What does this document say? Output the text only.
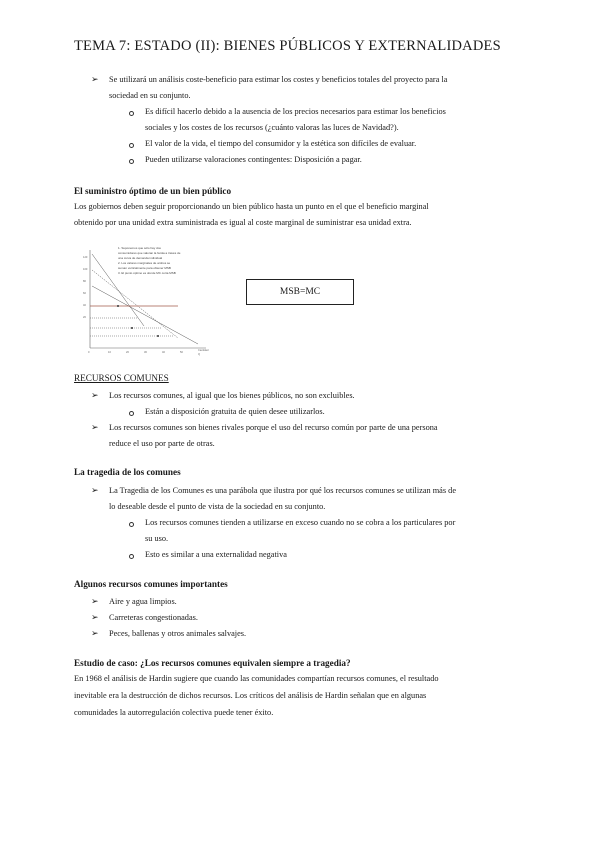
TEMA 7: ESTADO (II): BIENES PÚBLICOS Y EXTERNALIDADES
➢ Se utilizará un análisis coste-beneficio para estimar los costes y beneficios totales del proyecto para la
sociedad en su conjunto.
Es difícil hacerlo debido a la ausencia de los precios necesarios para estimar los beneficios
sociales y los costes de los recursos (¿cuánto valoras las luces de Navidad?).
El valor de la vida, el tiempo del consumidor y la estética son difíciles de evaluar.
Pueden utilizarse valoraciones contingentes: Disposición a pagar.
El suministro óptimo de un bien público
Los gobiernos deben seguir proporcionando un bien público hasta un punto en el que el beneficio marginal
obtenido por una unidad extra suministrada es igual al coste marginal de suministrar esa unidad extra.
120
100
80
60
40
20
0	10	20	30	40	50
Cantidad
Q
1. Suponemos que sólo hay dos
consumidores que valoran la farola a través de
una curva de demanda individual
2. Los valores marginales de ambos se
suman verticalmente para obtener MSB
3. El punto óptimo es donde MC corta MSB
MSB=MC
RECURSOS COMUNES
➢ Los recursos comunes, al igual que los bienes públicos, no son excluibles.
Están a disposición gratuita de quien desee utilizarlos.
➢ Los recursos comunes son bienes rivales porque el uso del recurso común por parte de una persona
reduce el uso por parte de otras.
La tragedia de los comunes
➢ La Tragedia de los Comunes es una parábola que ilustra por qué los recursos comunes se utilizan más de
lo deseable desde el punto de vista de la sociedad en su conjunto.
Los recursos comunes tienden a utilizarse en exceso cuando no se cobra a los particulares por
su uso.
Esto es similar a una externalidad negativa
Algunos recursos comunes importantes
➢ Aire y agua limpios.
➢ Carreteras congestionadas.
➢ Peces, ballenas y otros animales salvajes.
Estudio de caso: ¿Los recursos comunes equivalen siempre a tragedia?
En 1968 el análisis de Hardin sugiere que cuando las comunidades compartían recursos comunes, el resultado
inevitable era la destrucción de dichos recursos. Los críticos del análisis de Hardin señalan que en algunas
comunidades la autorregulación colectiva puede tener éxito.
